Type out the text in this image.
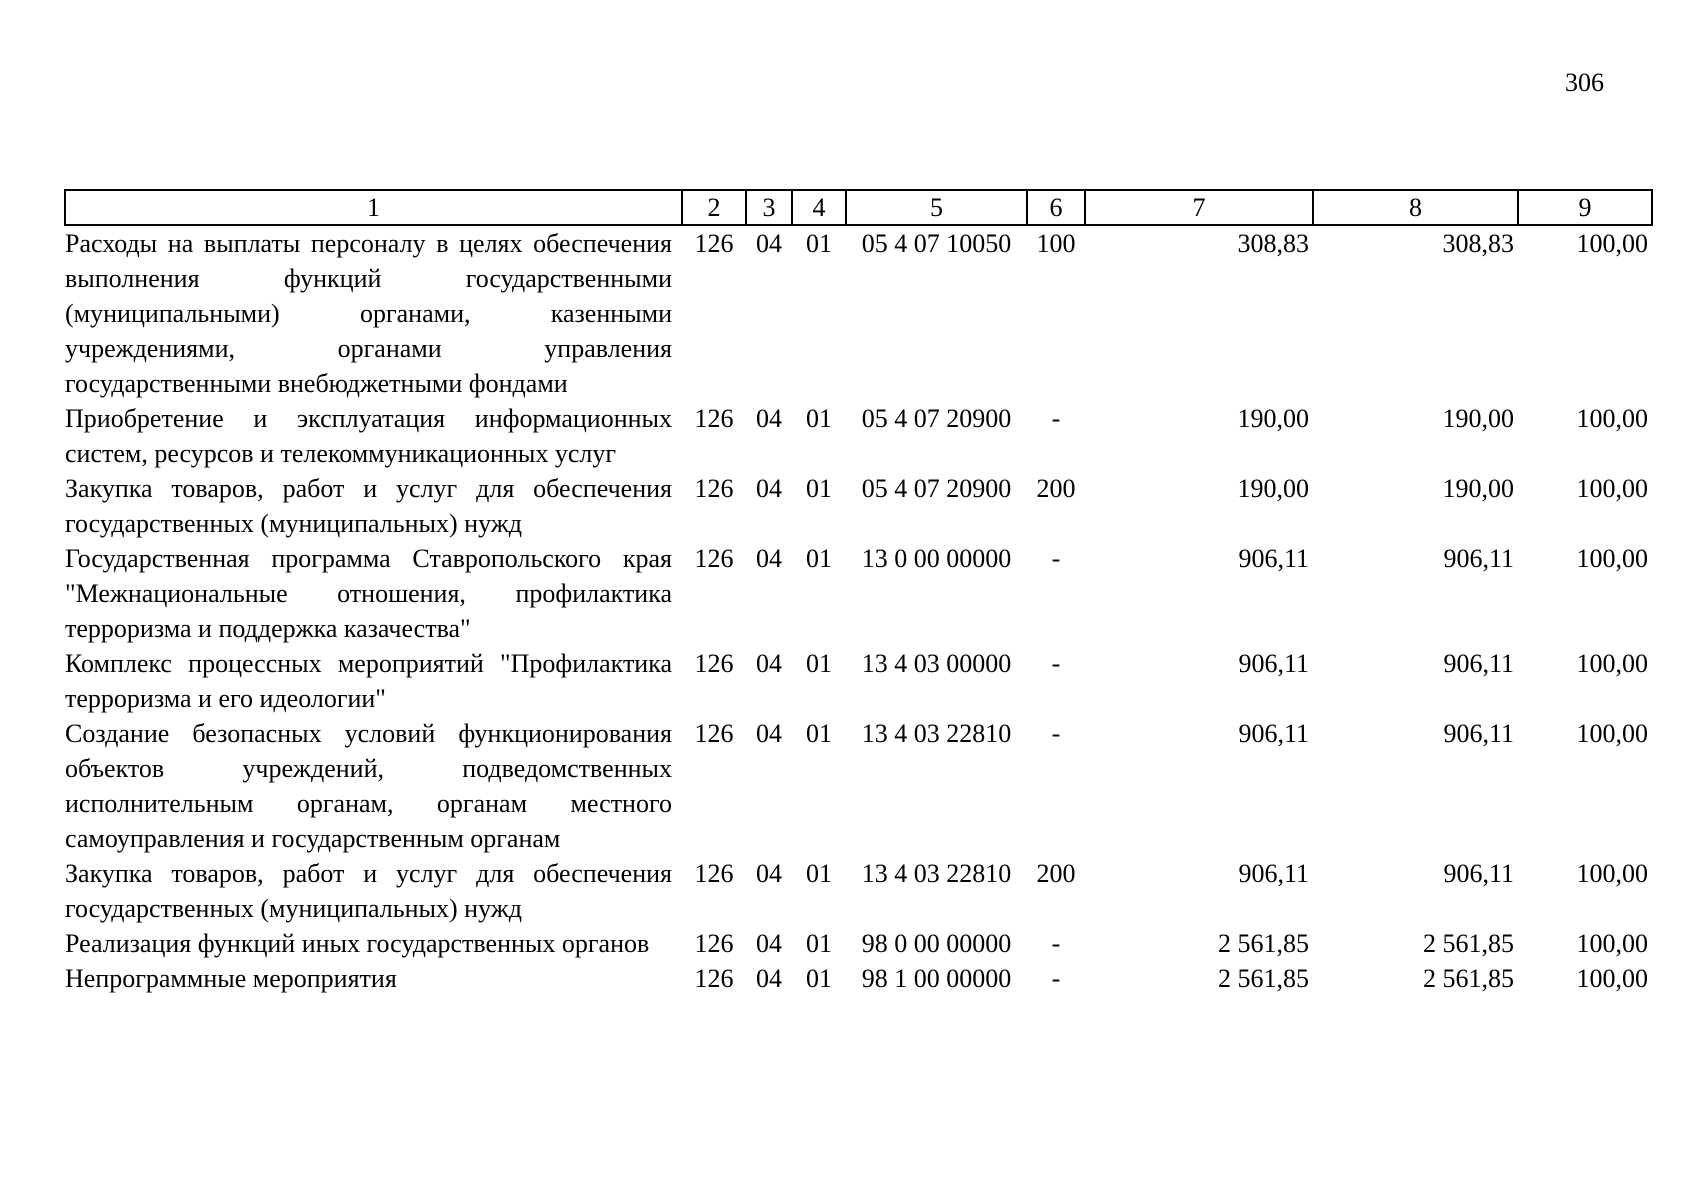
306
1	2	3	4	5	6	7	8	9
Расходы на выплаты персоналу в целях обеспечения выполнения функций государственными (муниципальными) органами, казенными учреждениями, органами управления государственными внебюджетными фондами	126	04	01	05 4 07 10050	100	308,83	308,83	100,00
Приобретение и эксплуатация информационных систем, ресурсов и телекоммуникационных услуг	126	04	01	05 4 07 20900	-	190,00	190,00	100,00
Закупка товаров, работ и услуг для обеспечения государственных (муниципальных) нужд	126	04	01	05 4 07 20900	200	190,00	190,00	100,00
Государственная программа Ставропольского края "Межнациональные отношения, профилактика терроризма и поддержка казачества"	126	04	01	13 0 00 00000	-	906,11	906,11	100,00
Комплекс процессных мероприятий "Профилактика терроризма и его идеологии"	126	04	01	13 4 03 00000	-	906,11	906,11	100,00
Создание безопасных условий функционирования объектов учреждений, подведомственных исполнительным органам, органам местного самоуправления и государственным органам	126	04	01	13 4 03 22810	-	906,11	906,11	100,00
Закупка товаров, работ и услуг для обеспечения государственных (муниципальных) нужд	126	04	01	13 4 03 22810	200	906,11	906,11	100,00
Реализация функций иных государственных органов	126	04	01	98 0 00 00000	-	2 561,85	2 561,85	100,00
Непрограммные мероприятия	126	04	01	98 1 00 00000	-	2 561,85	2 561,85	100,00
